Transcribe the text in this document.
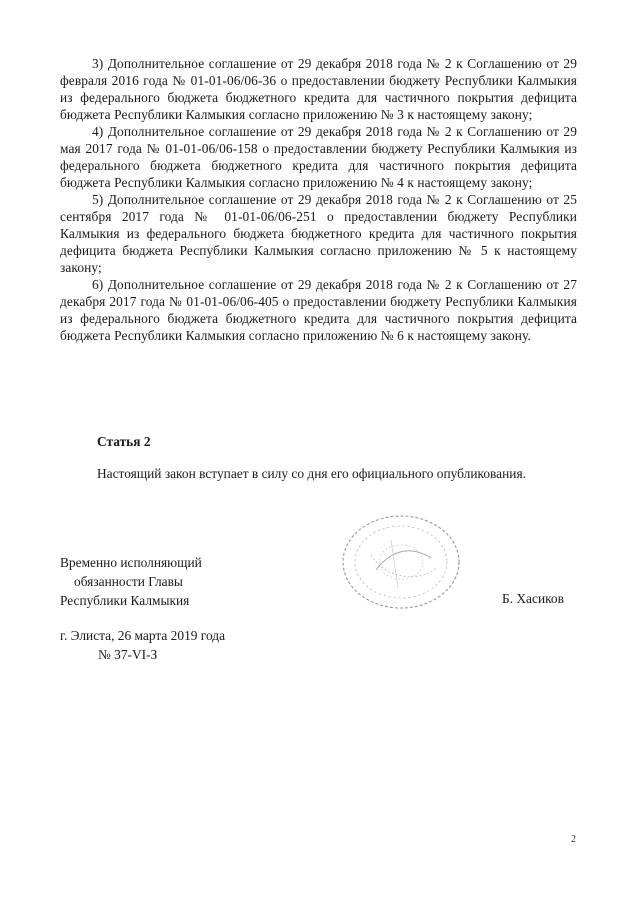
3) Дополнительное соглашение от 29 декабря 2018 года № 2 к Соглашению от 29 февраля 2016 года № 01-01-06/06-36 о предоставлении бюджету Республики Калмыкия из федерального бюджета бюджетного кредита для частичного покрытия дефицита бюджета Республики Калмыкия согласно приложению № 3 к настоящему закону;

4) Дополнительное соглашение от 29 декабря 2018 года № 2 к Соглашению от 29 мая 2017 года № 01-01-06/06-158 о предоставлении бюджету Республики Калмыкия из федерального бюджета бюджетного кредита для частичного покрытия дефицита бюджета Республики Калмыкия согласно приложению № 4 к настоящему закону;

5) Дополнительное соглашение от 29 декабря 2018 года № 2 к Соглашению от 25 сентября 2017 года № 01-01-06/06-251 о предоставлении бюджету Республики Калмыкия из федерального бюджета бюджетного кредита для частичного покрытия дефицита бюджета Республики Калмыкия согласно приложению № 5 к настоящему закону;

6) Дополнительное соглашение от 29 декабря 2018 года № 2 к Соглашению от 27 декабря 2017 года № 01-01-06/06-405 о предоставлении бюджету Республики Калмыкия из федерального бюджета бюджетного кредита для частичного покрытия дефицита бюджета Республики Калмыкия согласно приложению № 6 к настоящему закону.

Статья 2

Настоящий закон вступает в силу со дня его официального опубликования.

Временно исполняющий
обязанности Главы
Республики Калмыкия	Б. Хасиков
г. Элиста, 26 марта 2019 года
№ 37-VI-З
2
